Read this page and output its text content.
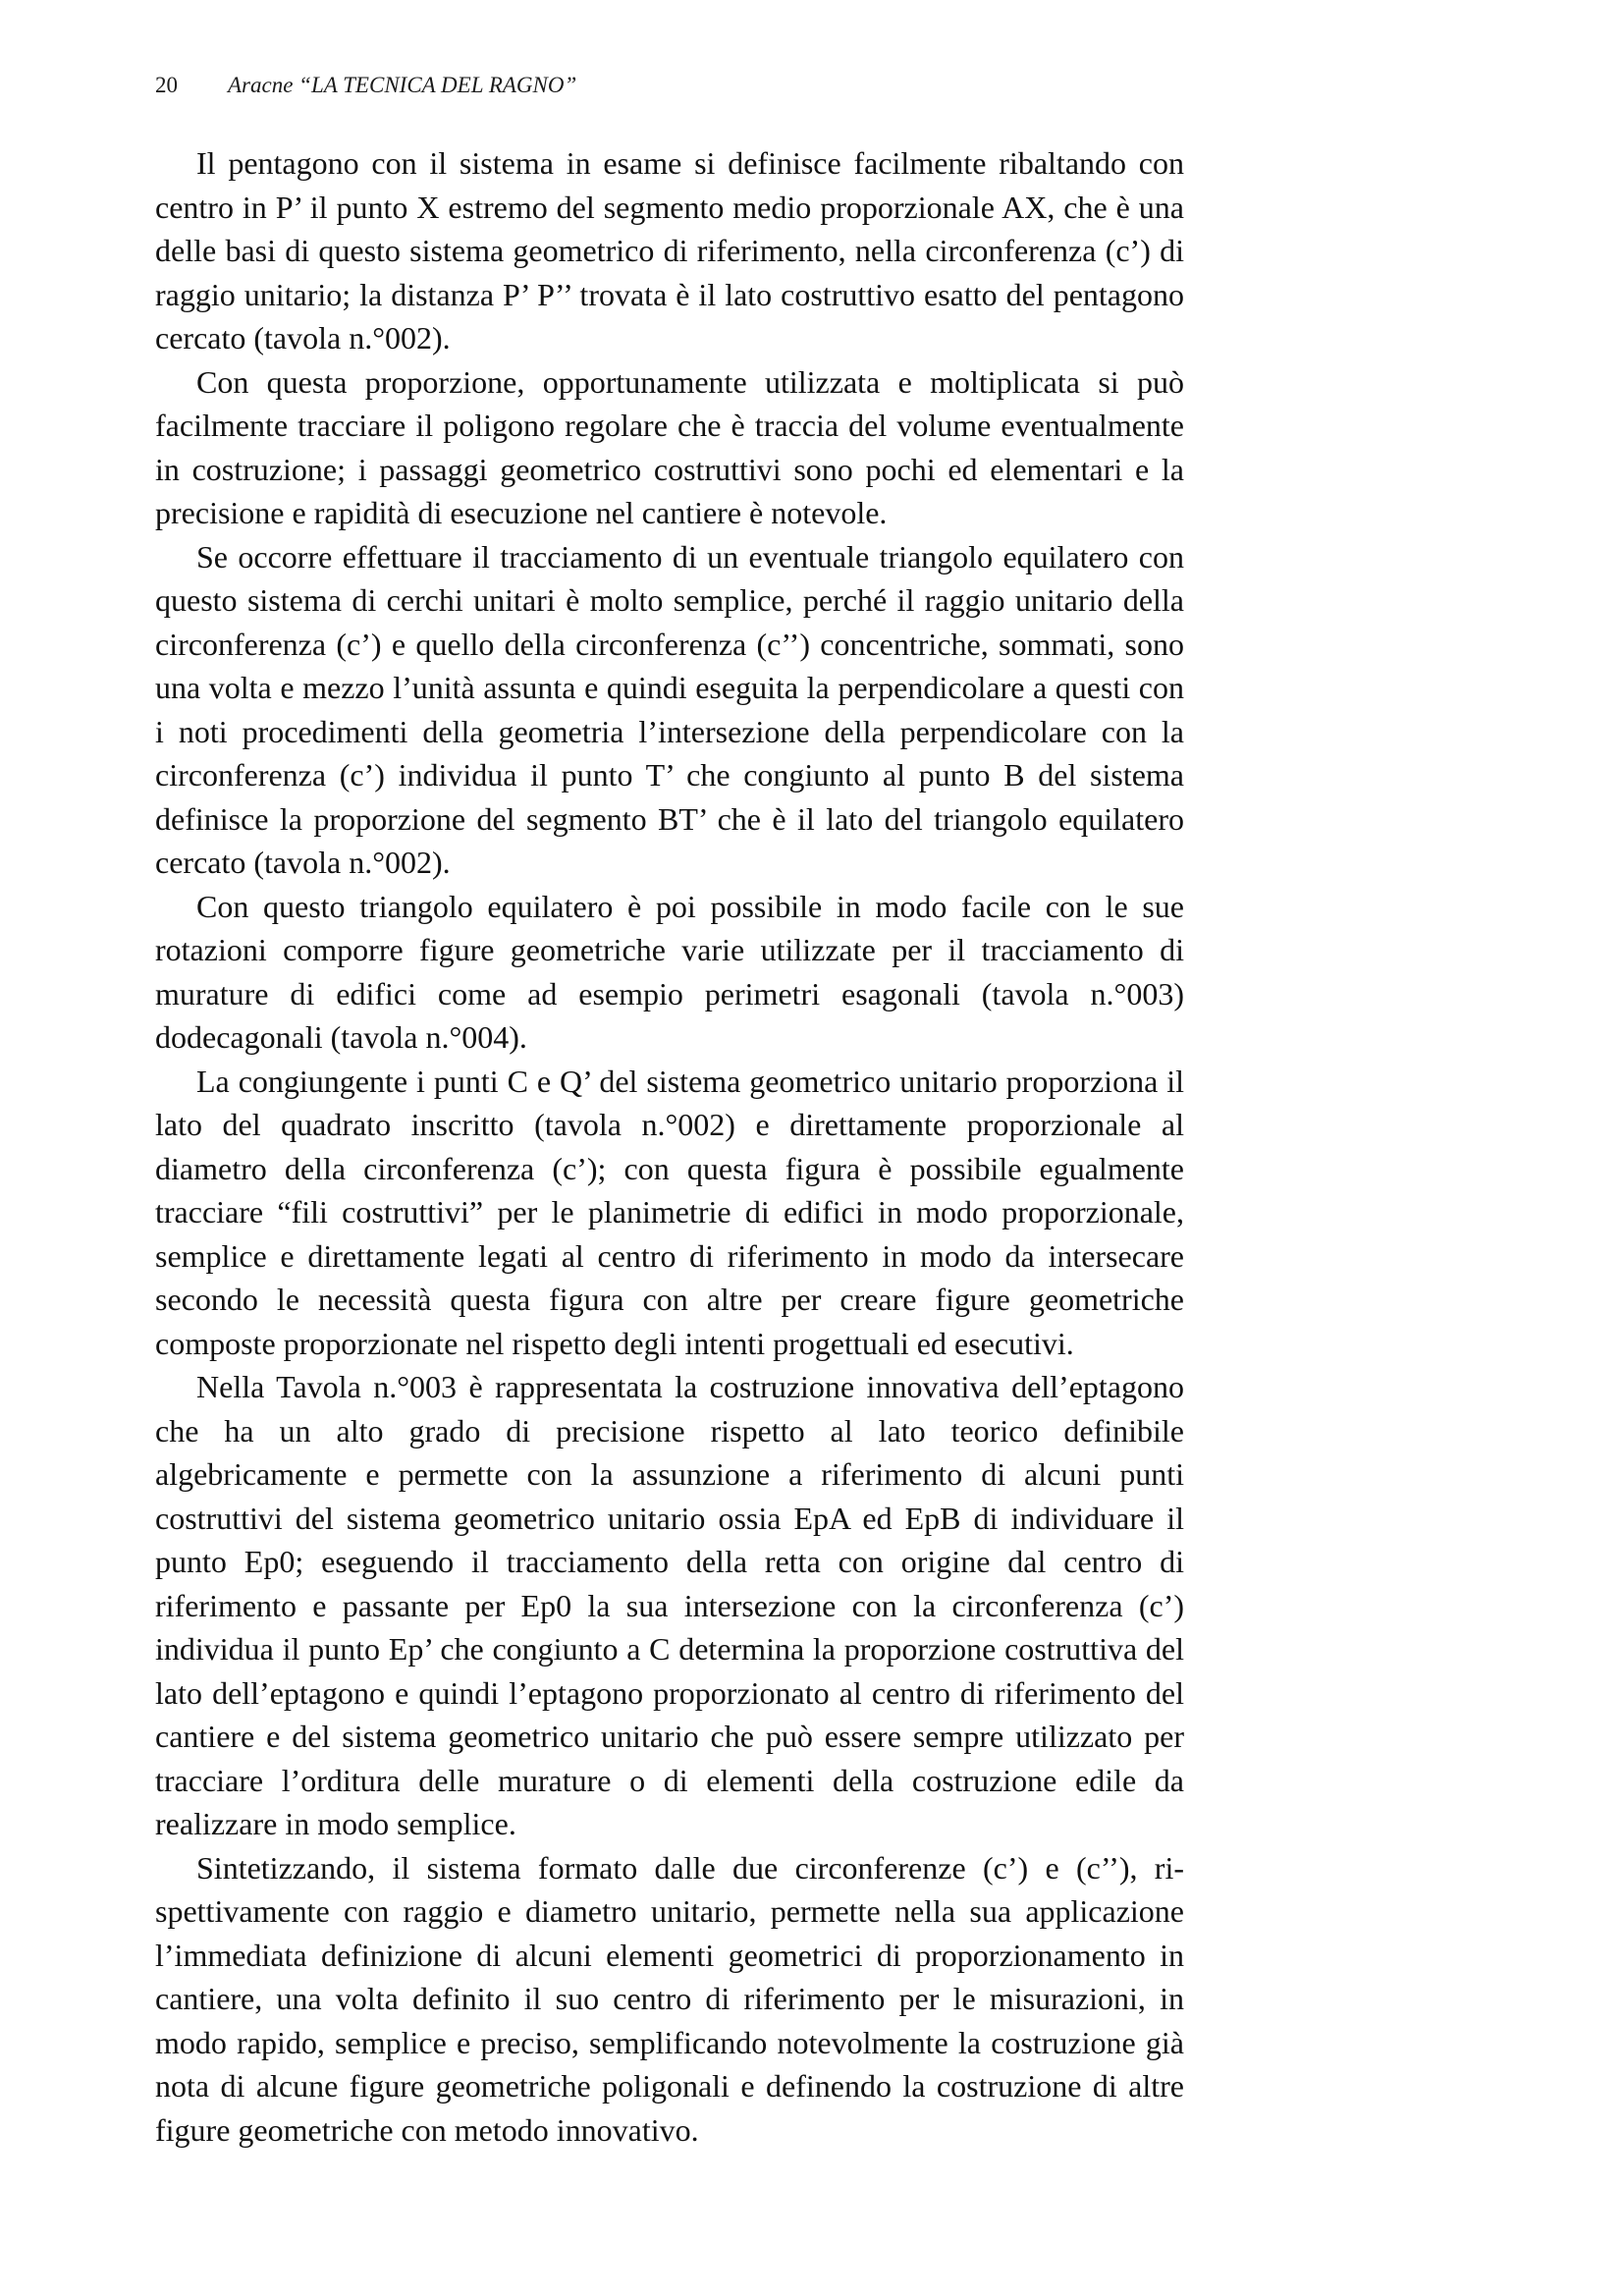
20 Aracne “LA TECNICA DEL RAGNO”

Il pentagono con il sistema in esame si definisce facilmente ribaltando con centro in P’ il punto X estremo del segmento medio proporzionale AX, che è una delle basi di questo sistema geometrico di riferimento, nella circonferenza (c’) di raggio unitario; la distanza P’ P’’ trovata è il lato costruttivo esatto del pentagono cercato (tavola n.°002).

Con questa proporzione, opportunamente utilizzata e moltiplicata si può facilmente tracciare il poligono regolare che è traccia del volume eventualmente in costruzione; i passaggi geometrico costruttivi sono pochi ed elementari e la precisione e rapidità di esecuzione nel cantiere è notevole.

Se occorre effettuare il tracciamento di un eventuale triangolo equilatero con questo sistema di cerchi unitari è molto semplice, perché il raggio unitario della circonferenza (c’) e quello della circonferenza (c’’) concentriche, sommati, sono una volta e mezzo l’unità assunta e quindi eseguita la perpendicolare a questi con i noti procedimenti della geometria l’intersezione della perpendicolare con la circonferenza (c’) individua il punto T’ che congiunto al punto B del sistema definisce la proporzione del segmento BT’ che è il lato del triangolo equilatero cercato (tavola n.°002).

Con questo triangolo equilatero è poi possibile in modo facile con le sue rotazioni comporre figure geometriche varie utilizzate per il tracciamento di murature di edifici come ad esempio perimetri esagonali (tavola n.°003) dodecagonali (tavola n.°004).

La congiungente i punti C e Q’ del sistema geometrico unitario proporziona il lato del quadrato inscritto (tavola n.°002) e direttamente proporzionale al diametro della circonferenza (c’); con questa figura è possibile egualmente tracciare “fili costruttivi” per le planimetrie di edifici in modo proporzionale, semplice e direttamente legati al centro di riferimento in modo da intersecare secondo le necessità questa figura con altre per creare figure geometriche composte proporzionate nel rispetto degli intenti progettuali ed esecutivi.

Nella Tavola n.°003 è rappresentata la costruzione innovativa dell’eptagono che ha un alto grado di precisione rispetto al lato teorico definibile algebricamente e permette con la assunzione a riferimento di alcuni punti costruttivi del sistema geometrico unitario ossia EpA ed EpB di individuare il punto Ep0; eseguendo il tracciamento della retta con origine dal centro di riferimento e passante per Ep0 la sua intersezione con la circonferenza (c’) individua il punto Ep’ che congiunto a C determina la proporzione costruttiva del lato dell’eptagono e quindi l’eptagono proporzionato al centro di riferimento del cantiere e del sistema geometrico unitario che può essere sempre utilizzato per tracciare l’orditura delle murature o di elementi della costruzione edile da realizzare in modo semplice.

Sintetizzando, il sistema formato dalle due circonferenze (c’) e (c’’), rispettivamente con raggio e diametro unitario, permette nella sua applicazione l’immediata definizione di alcuni elementi geometrici di proporzionamento in cantiere, una volta definito il suo centro di riferimento per le misurazioni, in modo rapido, semplice e preciso, semplificando notevolmente la costruzione già nota di alcune figure geometriche poligonali e definendo la costruzione di altre figure geometriche con metodo innovativo.
